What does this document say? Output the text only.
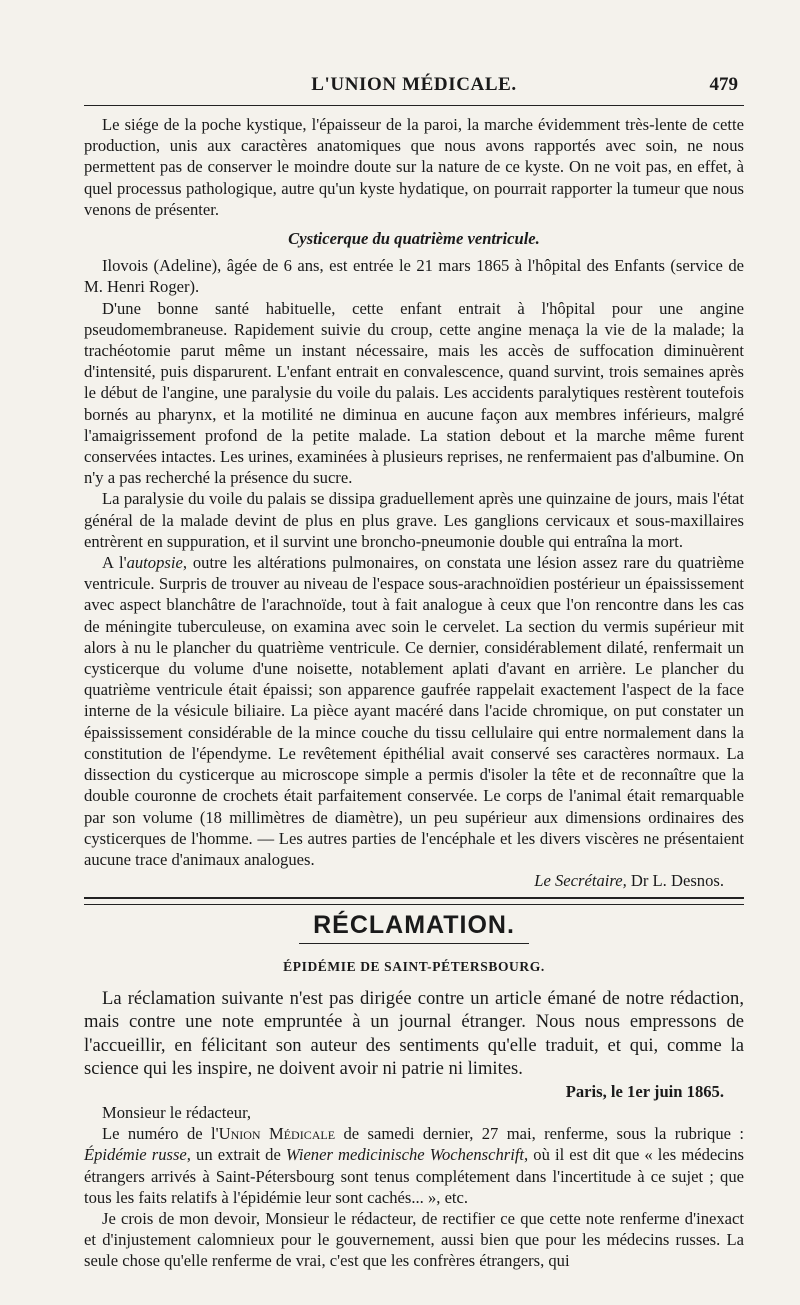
L'UNION MÉDICALE.	479

Le siége de la poche kystique, l'épaisseur de la paroi, la marche évidemment très-lente de cette production, unis aux caractères anatomiques que nous avons rapportés avec soin, ne nous permettent pas de conserver le moindre doute sur la nature de ce kyste. On ne voit pas, en effet, à quel processus pathologique, autre qu'un kyste hydatique, on pourrait rapporter la tumeur que nous venons de présenter.

Cysticerque du quatrième ventricule.

Ilovois (Adeline), âgée de 6 ans, est entrée le 21 mars 1865 à l'hôpital des Enfants (service de M. Henri Roger).

D'une bonne santé habituelle, cette enfant entrait à l'hôpital pour une angine pseudomembraneuse. Rapidement suivie du croup, cette angine menaça la vie de la malade; la trachéotomie parut même un instant nécessaire, mais les accès de suffocation diminuèrent d'intensité, puis disparurent. L'enfant entrait en convalescence, quand survint, trois semaines après le début de l'angine, une paralysie du voile du palais. Les accidents paralytiques restèrent toutefois bornés au pharynx, et la motilité ne diminua en aucune façon aux membres inférieurs, malgré l'amaigrissement profond de la petite malade. La station debout et la marche même furent conservées intactes. Les urines, examinées à plusieurs reprises, ne renfermaient pas d'albumine. On n'y a pas recherché la présence du sucre.

La paralysie du voile du palais se dissipa graduellement après une quinzaine de jours, mais l'état général de la malade devint de plus en plus grave. Les ganglions cervicaux et sous-maxillaires entrèrent en suppuration, et il survint une broncho-pneumonie double qui entraîna la mort.

A l'autopsie, outre les altérations pulmonaires, on constata une lésion assez rare du quatrième ventricule. Surpris de trouver au niveau de l'espace sous-arachnoïdien postérieur un épaississement avec aspect blanchâtre de l'arachnoïde, tout à fait analogue à ceux que l'on rencontre dans les cas de méningite tuberculeuse, on examina avec soin le cervelet. La section du vermis supérieur mit alors à nu le plancher du quatrième ventricule. Ce dernier, considérablement dilaté, renfermait un cysticerque du volume d'une noisette, notablement aplati d'avant en arrière. Le plancher du quatrième ventricule était épaissi; son apparence gaufrée rappelait exactement l'aspect de la face interne de la vésicule biliaire. La pièce ayant macéré dans l'acide chromique, on put constater un épaississement considérable de la mince couche du tissu cellulaire qui entre normalement dans la constitution de l'épendyme. Le revêtement épithélial avait conservé ses caractères normaux. La dissection du cysticerque au microscope simple a permis d'isoler la tête et de reconnaître que la double couronne de crochets était parfaitement conservée. Le corps de l'animal était remarquable par son volume (18 millimètres de diamètre), un peu supérieur aux dimensions ordinaires des cysticerques de l'homme. — Les autres parties de l'encéphale et les divers viscères ne présentaient aucune trace d'animaux analogues.

Le Secrétaire, Dr L. Desnos.
RÉCLAMATION.
ÉPIDÉMIE DE SAINT-PÉTERSBOURG.

La réclamation suivante n'est pas dirigée contre un article émané de notre rédaction, mais contre une note empruntée à un journal étranger. Nous nous empressons de l'accueillir, en félicitant son auteur des sentiments qu'elle traduit, et qui, comme la science qui les inspire, ne doivent avoir ni patrie ni limites.

Paris, le 1er juin 1865.

Monsieur le rédacteur,

Le numéro de l'Union Médicale de samedi dernier, 27 mai, renferme, sous la rubrique : Épidémie russe, un extrait de Wiener medicinische Wochenschrift, où il est dit que « les médecins étrangers arrivés à Saint-Pétersbourg sont tenus complétement dans l'incertitude à ce sujet ; que tous les faits relatifs à l'épidémie leur sont cachés... », etc.

Je crois de mon devoir, Monsieur le rédacteur, de rectifier ce que cette note renferme d'inexact et d'injustement calomnieux pour le gouvernement, aussi bien que pour les médecins russes. La seule chose qu'elle renferme de vrai, c'est que les confrères étrangers, qui
